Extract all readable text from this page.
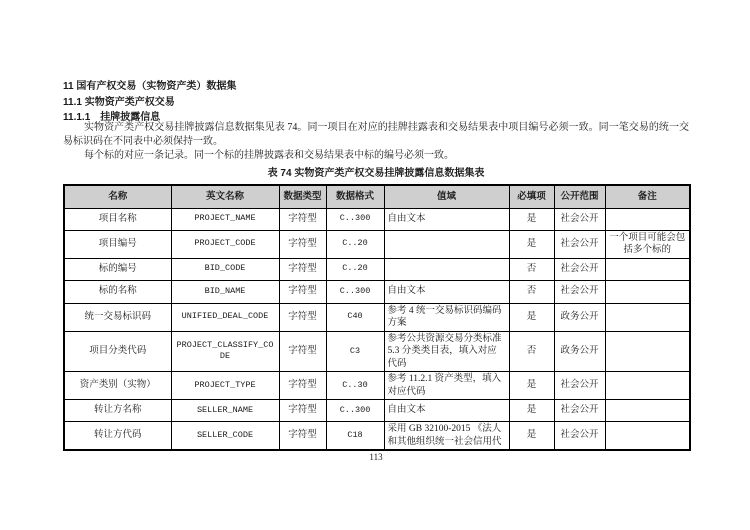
11 国有产权交易（实物资产类）数据集
11.1 实物资产类产权交易
11.1.1　挂牌披露信息
实物资产类产权交易挂牌披露信息数据集见表 74。同一项目在对应的挂牌挂露表和交易结果表中项目编号必须一致。同一笔交易的统一交易标识码在不同表中必须保持一致。
每个标的对应一条记录。同一个标的挂牌披露表和交易结果表中标的编号必须一致。
表 74 实物资产类产权交易挂牌披露信息数据集表
名称	英文名称	数据类型	数据格式	值域	必填项	公开范围	备注
项目名称	PROJECT_NAME	字符型	C..300	自由文本	是	社会公开	
项目编号	PROJECT_CODE	字符型	C..20		是	社会公开	一个项目可能会包括多个标的
标的编号	BID_CODE	字符型	C..20		否	社会公开	
标的名称	BID_NAME	字符型	C..300	自由文本	否	社会公开	
统一交易标识码	UNIFIED_DEAL_CODE	字符型	C40	参考 4 统一交易标识码编码方案	是	政务公开	
项目分类代码	PROJECT_CLASSIFY_CODE	字符型	C3	参考公共资源交易分类标准 5.3 分类类目表，填入对应代码	否	政务公开	
资产类别（实物）	PROJECT_TYPE	字符型	C..30	参考 11.2.1 资产类型，填入对应代码	是	社会公开	
转让方名称	SELLER_NAME	字符型	C..300	自由文本	是	社会公开	
转让方代码	SELLER_CODE	字符型	C18	采用 GB 32100-2015 《法人和其他组织统一社会信用代	是	社会公开	
113
